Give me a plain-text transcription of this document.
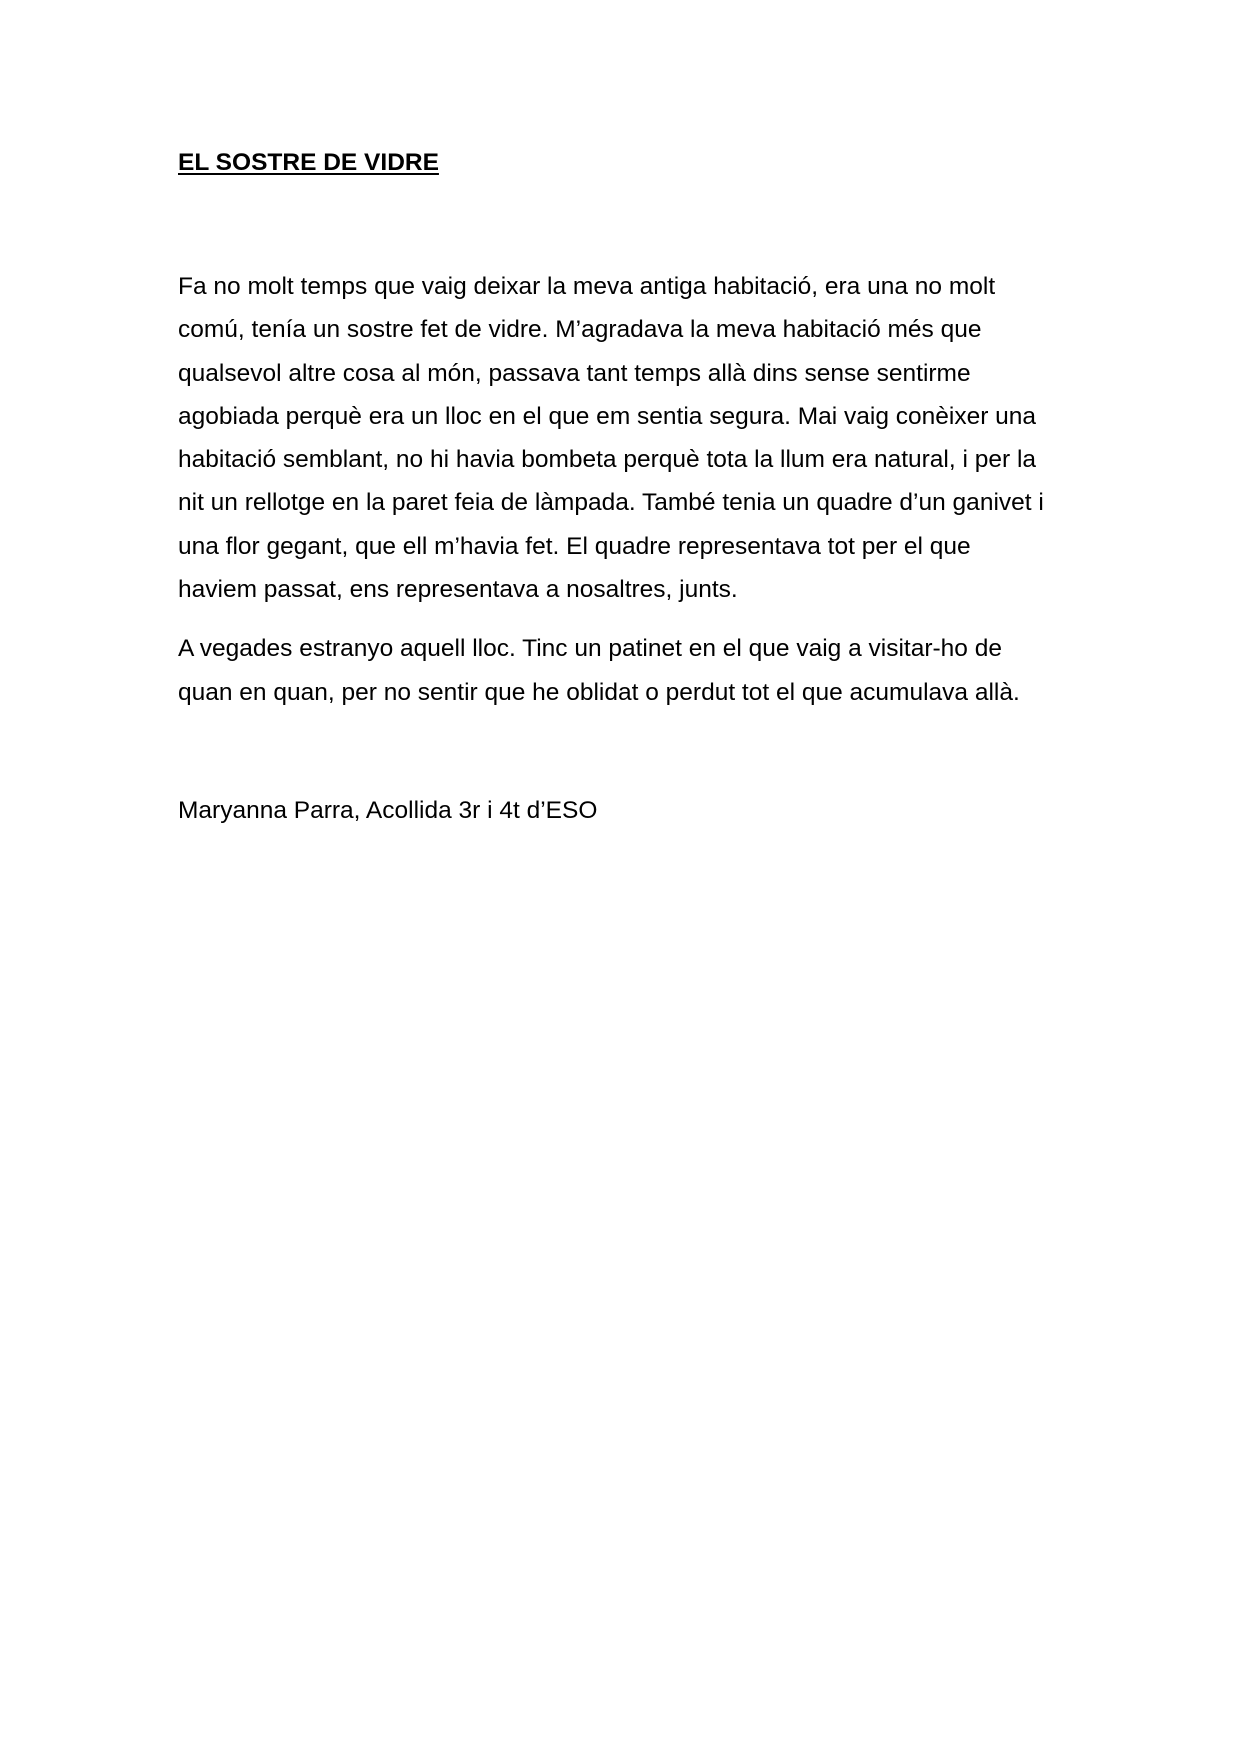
EL SOSTRE DE VIDRE

Fa no molt temps que vaig deixar la meva antiga habitació, era una no molt
comú, tenía un sostre fet de vidre. M’agradava la meva habitació més que
qualsevol altre cosa al món, passava tant temps allà dins sense sentirme
agobiada perquè era un lloc en el que em sentia segura. Mai vaig conèixer una
habitació semblant, no hi havia bombeta perquè tota la llum era natural, i per la
nit un rellotge en la paret feia de làmpada. També tenia un quadre d’un ganivet i
una flor gegant, que ell m’havia fet. El quadre representava tot per el que
haviem passat, ens representava a nosaltres, junts.

A vegades estranyo aquell lloc. Tinc un patinet en el que vaig a visitar-ho de
quan en quan, per no sentir que he oblidat o perdut tot el que acumulava allà.

Maryanna Parra, Acollida 3r i 4t d’ESO
